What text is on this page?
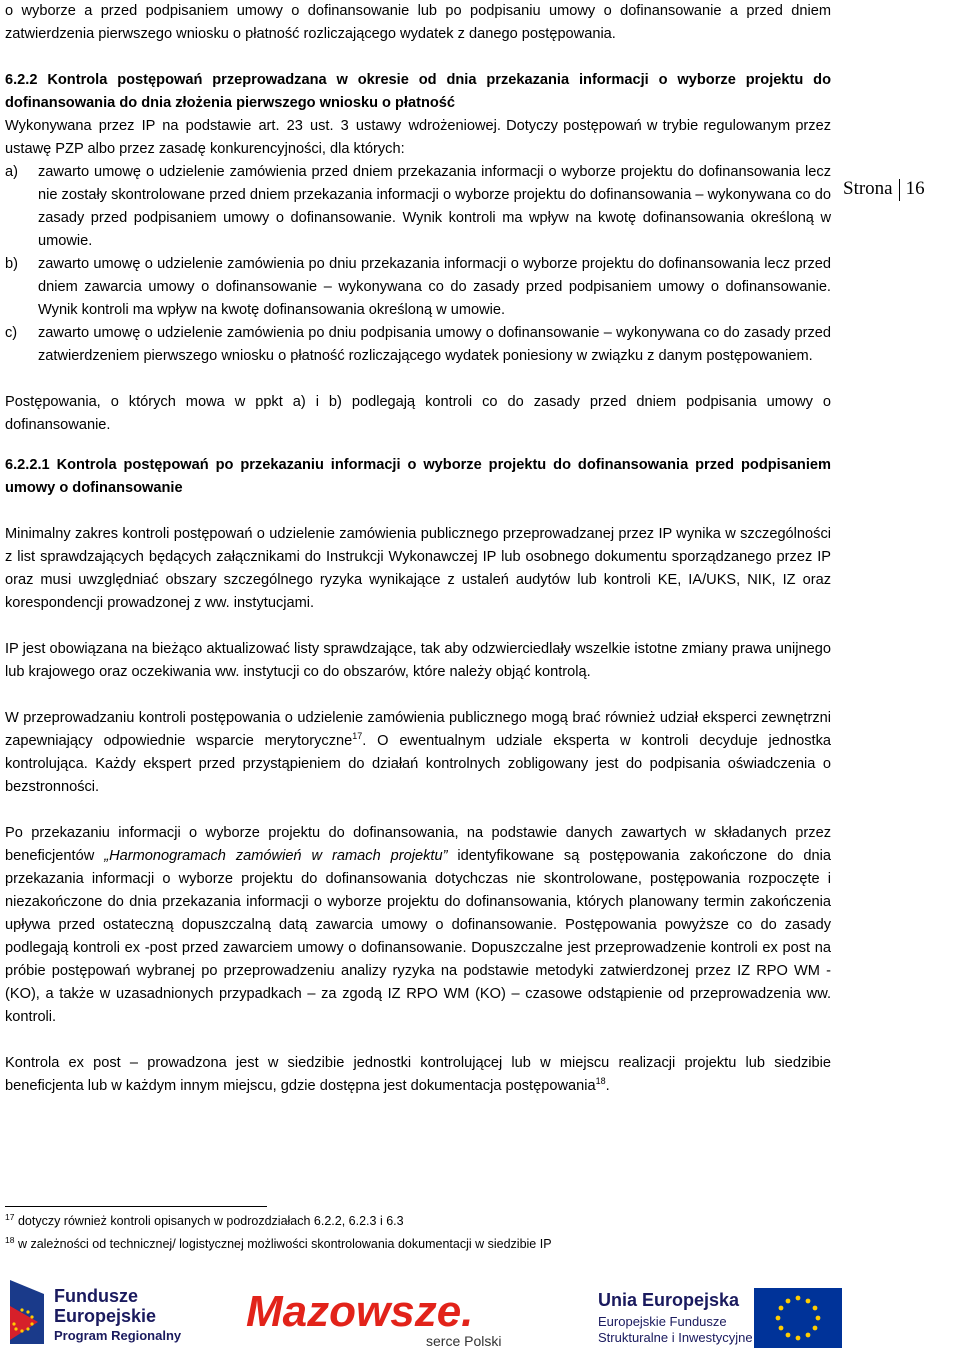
o wyborze a przed podpisaniem umowy o dofinansowanie lub po podpisaniu umowy o dofinansowanie a przed dniem zatwierdzenia pierwszego wniosku o płatność rozliczającego wydatek z danego postępowania.

6.2.2 Kontrola postępowań przeprowadzana w okresie od dnia przekazania informacji o wyborze projektu do dofinansowania do dnia złożenia pierwszego wniosku o płatność

Wykonywana przez IP na podstawie art. 23 ust. 3 ustawy wdrożeniowej. Dotyczy postępowań w trybie regulowanym przez ustawę PZP albo przez zasadę konkurencyjności, dla których:

a)	zawarto umowę o udzielenie zamówienia przed dniem przekazania informacji o wyborze projektu do dofinansowania lecz nie zostały skontrolowane przed dniem przekazania informacji o wyborze projektu do dofinansowania – wykonywana co do zasady przed podpisaniem umowy o dofinansowanie. Wynik kontroli ma wpływ na kwotę dofinansowania określoną w umowie.
b)	zawarto umowę o udzielenie zamówienia po dniu przekazania informacji o wyborze projektu do dofinansowania lecz przed dniem zawarcia umowy o dofinansowanie – wykonywana co do zasady przed podpisaniem umowy o dofinansowanie. Wynik kontroli ma wpływ na kwotę dofinansowania określoną w umowie.
c)	zawarto umowę o udzielenie zamówienia po dniu podpisania umowy o dofinansowanie – wykonywana co do zasady przed zatwierdzeniem pierwszego wniosku o płatność rozliczającego wydatek poniesiony w związku z danym postępowaniem.

Postępowania, o których mowa w ppkt a) i b) podlegają kontroli co do zasady przed dniem podpisania umowy o dofinansowanie.

6.2.2.1 Kontrola postępowań po przekazaniu informacji o wyborze projektu do dofinansowania przed podpisaniem umowy o dofinansowanie

Minimalny zakres kontroli postępowań o udzielenie zamówienia publicznego przeprowadzanej przez IP wynika w szczególności z list sprawdzających będących załącznikami do Instrukcji Wykonawczej IP lub osobnego dokumentu sporządzanego przez IP oraz musi uwzględniać obszary szczególnego ryzyka wynikające z ustaleń audytów lub kontroli KE, IA/UKS, NIK, IZ oraz korespondencji prowadzonej z ww. instytucjami.

IP jest obowiązana na bieżąco aktualizować listy sprawdzające, tak aby odzwierciedlały wszelkie istotne zmiany prawa unijnego lub krajowego oraz oczekiwania ww. instytucji co do obszarów, które należy objąć kontrolą.

W przeprowadzaniu kontroli postępowania o udzielenie zamówienia publicznego mogą brać również udział eksperci zewnętrzni zapewniający odpowiednie wsparcie merytoryczne$^{17}$. O ewentualnym udziale eksperta w kontroli decyduje jednostka kontrolująca. Każdy ekspert przed przystąpieniem do działań kontrolnych zobligowany jest do podpisania oświadczenia o bezstronności.

Po przekazaniu informacji o wyborze projektu do dofinansowania, na podstawie danych zawartych w składanych przez beneficjentów „Harmonogramach zamówień w ramach projektu” identyfikowane są postępowania zakończone do dnia przekazania informacji o wyborze projektu do dofinansowania dotychczas nie skontrolowane, postępowania rozpoczęte i niezakończone do dnia przekazania informacji o wyborze projektu do dofinansowania, których planowany termin zakończenia upływa przed ostateczną dopuszczalną datą zawarcia umowy o dofinansowanie. Postępowania powyższe co do zasady podlegają kontroli ex -post przed zawarciem umowy o dofinansowanie. Dopuszczalne jest przeprowadzenie kontroli ex post na próbie postępowań wybranej po przeprowadzeniu analizy ryzyka na podstawie metodyki zatwierdzonej przez IZ RPO WM - (KO), a także w uzasadnionych przypadkach – za zgodą IZ RPO WM (KO) – czasowe odstąpienie od przeprowadzenia ww. kontroli.

Kontrola ex post – prowadzona jest w siedzibie jednostki kontrolującej lub w miejscu realizacji projektu lub siedzibie beneficjenta lub w każdym innym miejscu, gdzie dostępna jest dokumentacja postępowania$^{18}$.

Strona 16
$^{17}$ dotyczy również kontroli opisanych w podrozdziałach 6.2.2, 6.2.3 i 6.3
$^{18}$ w zależności od technicznej/ logistycznej możliwości skontrolowania dokumentacji w siedzibie IP
Fundusze
Europejskie
Program Regionalny Mazowsze.
serce Polski
Unia Europejska
Europejskie Fundusze
Strukturalne i Inwestycyjne
